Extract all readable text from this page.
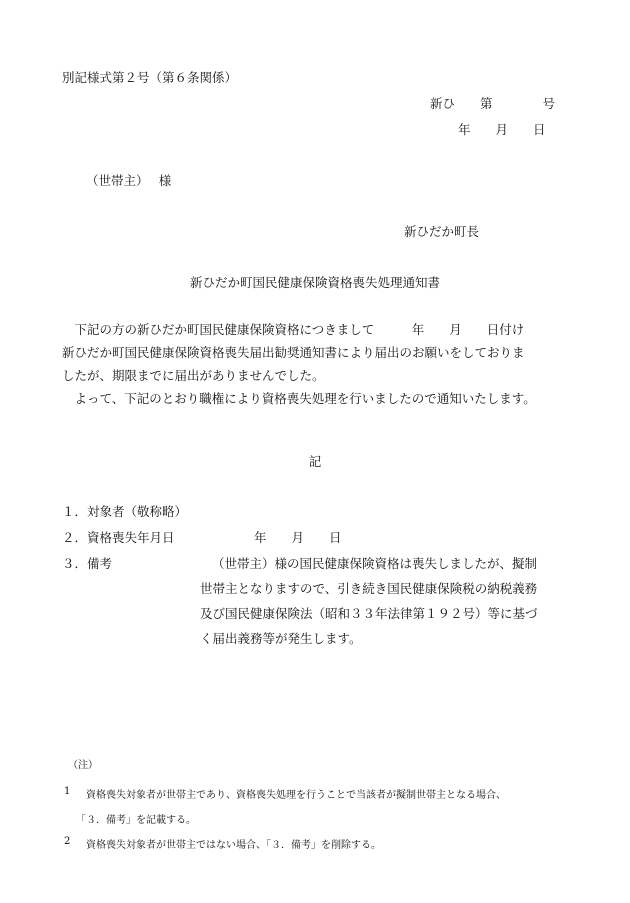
別記様式第２号（第６条関係）
新ひ　　第　　　　号
年　　月　　日
（世帯主）　 様
新ひだか町長
新ひだか町国民健康保険資格喪失処理通知書

下記の方の新ひだか町国民健康保険資格につきまして　　　年　　月　　日付け

新ひだか町国民健康保険資格喪失届出勧奨通知書により届出のお願いをしておりま

したが、期限までに届出がありませんでした。

よって、下記のとおり職権により資格喪失処理を行いましたので通知いたします。

記
１．対象者（敬称略）
２．資格喪失年月日	年　　月　　日
３．備考	（世帯主）様の国民健康保険資格は喪失しましたが、擬制
世帯主となりますので、引き続き国民健康保険税の納税義務
及び国民健康保険法（昭和３３年法律第１９２号）等に基づ
く届出義務等が発生します。
（注）
1 資格喪失対象者が世帯主であり、資格喪失処理を行うことで当該者が擬制世帯主となる場合、
「３．備考」を記載する。
2 資格喪失対象者が世帯主ではない場合、「３．備考」を削除する。
